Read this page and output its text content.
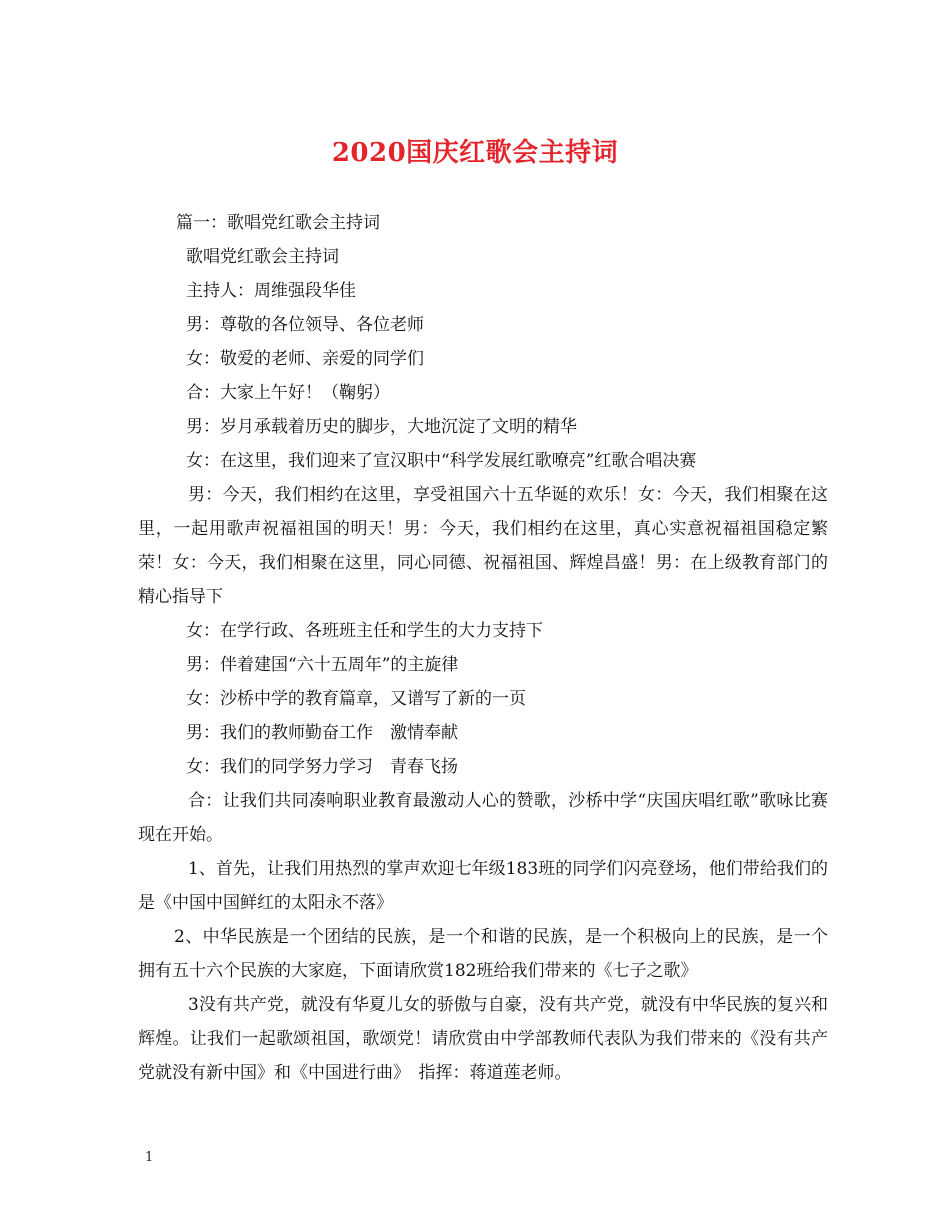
2020国庆红歌会主持词
篇一：歌唱党红歌会主持词
歌唱党红歌会主持词
主持人：周维强段华佳
男：尊敬的各位领导、各位老师
女：敬爱的老师、亲爱的同学们
合：大家上午好！（鞠躬）
男：岁月承载着历史的脚步，大地沉淀了文明的精华
女：在这里，我们迎来了宣汉职中“科学发展红歌嘹亮”红歌合唱决赛
男：今天，我们相约在这里，享受祖国六十五华诞的欢乐！女：今天，我们相聚在这里，一起用歌声祝福祖国的明天！男：今天，我们相约在这里，真心实意祝福祖国稳定繁荣！女：今天，我们相聚在这里，同心同德、祝福祖国、辉煌昌盛！男：在上级教育部门的精心指导下
女：在学行政、各班班主任和学生的大力支持下
男：伴着建国“六十五周年”的主旋律
女：沙桥中学的教育篇章，又谱写了新的一页
男：我们的教师勤奋工作　激情奉献
女：我们的同学努力学习　青春飞扬
合：让我们共同凑响职业教育最激动人心的赞歌，沙桥中学“庆国庆唱红歌”歌咏比赛现在开始。
1、首先，让我们用热烈的掌声欢迎七年级183班的同学们闪亮登场，他们带给我们的是《中国中国鲜红的太阳永不落》
2、中华民族是一个团结的民族，是一个和谐的民族，是一个积极向上的民族，是一个拥有五十六个民族的大家庭，下面请欣赏182班给我们带来的《七子之歌》
3没有共产党，就没有华夏儿女的骄傲与自豪，没有共产党，就没有中华民族的复兴和辉煌。让我们一起歌颂祖国，歌颂党！请欣赏由中学部教师代表队为我们带来的《没有共产党就没有新中国》和《中国进行曲》　指挥：蒋道莲老师。
1
